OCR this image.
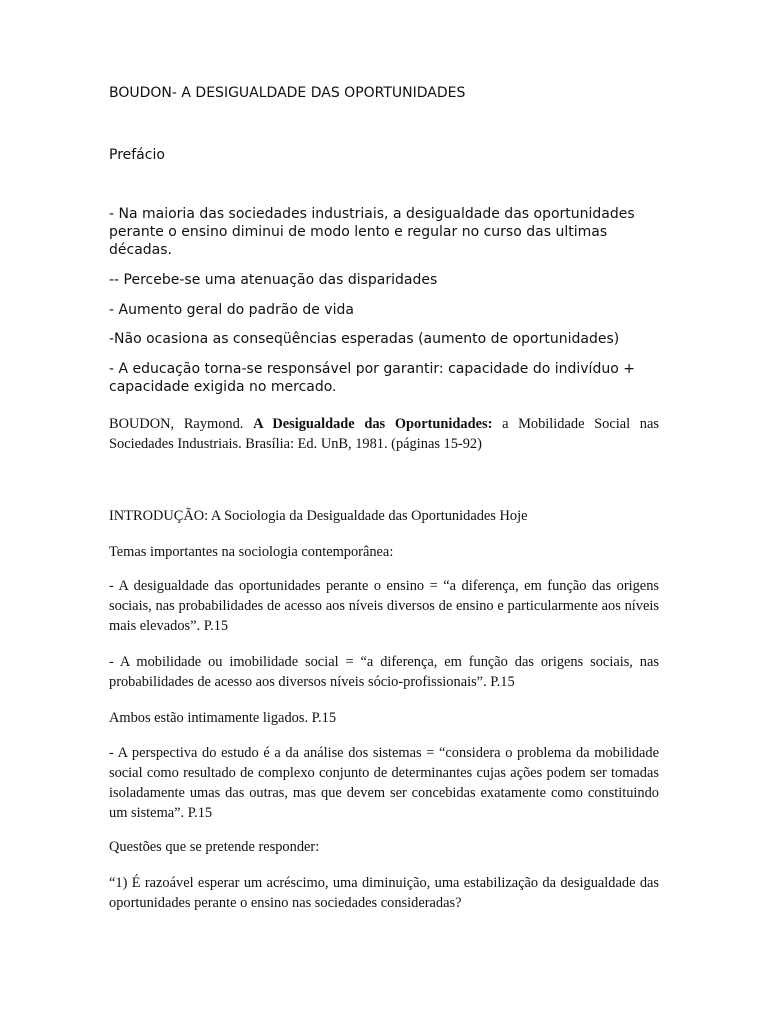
BOUDON- A DESIGUALDADE DAS OPORTUNIDADES

Prefácio

- Na maioria das sociedades industriais, a desigualdade das oportunidades perante o ensino diminui de modo lento e regular no curso das ultimas décadas.

-- Percebe-se uma atenuação das disparidades

- Aumento geral do padrão de vida

-Não ocasiona as conseqüências esperadas (aumento de oportunidades)

- A educação torna-se responsável por garantir: capacidade do indivíduo + capacidade exigida no mercado.

BOUDON, Raymond. A Desigualdade das Oportunidades: a Mobilidade Social nas Sociedades Industriais. Brasília: Ed. UnB, 1981. (páginas 15-92)

INTRODUÇÃO: A Sociologia da Desigualdade das Oportunidades Hoje

Temas importantes na sociologia contemporânea:

- A desigualdade das oportunidades perante o ensino = “a diferença, em função das origens sociais, nas probabilidades de acesso aos níveis diversos de ensino e particularmente aos níveis mais elevados”. P.15

- A mobilidade ou imobilidade social = “a diferença, em função das origens sociais, nas probabilidades de acesso aos diversos níveis sócio-profissionais”. P.15

Ambos estão intimamente ligados. P.15

- A perspectiva do estudo é a da análise dos sistemas = “considera o problema da mobilidade social como resultado de complexo conjunto de determinantes cujas ações podem ser tomadas isoladamente umas das outras, mas que devem ser concebidas exatamente como constituindo um sistema”. P.15

Questões que se pretende responder:

“1) É razoável esperar um acréscimo, uma diminuição, uma estabilização da desigualdade das oportunidades perante o ensino nas sociedades consideradas?
